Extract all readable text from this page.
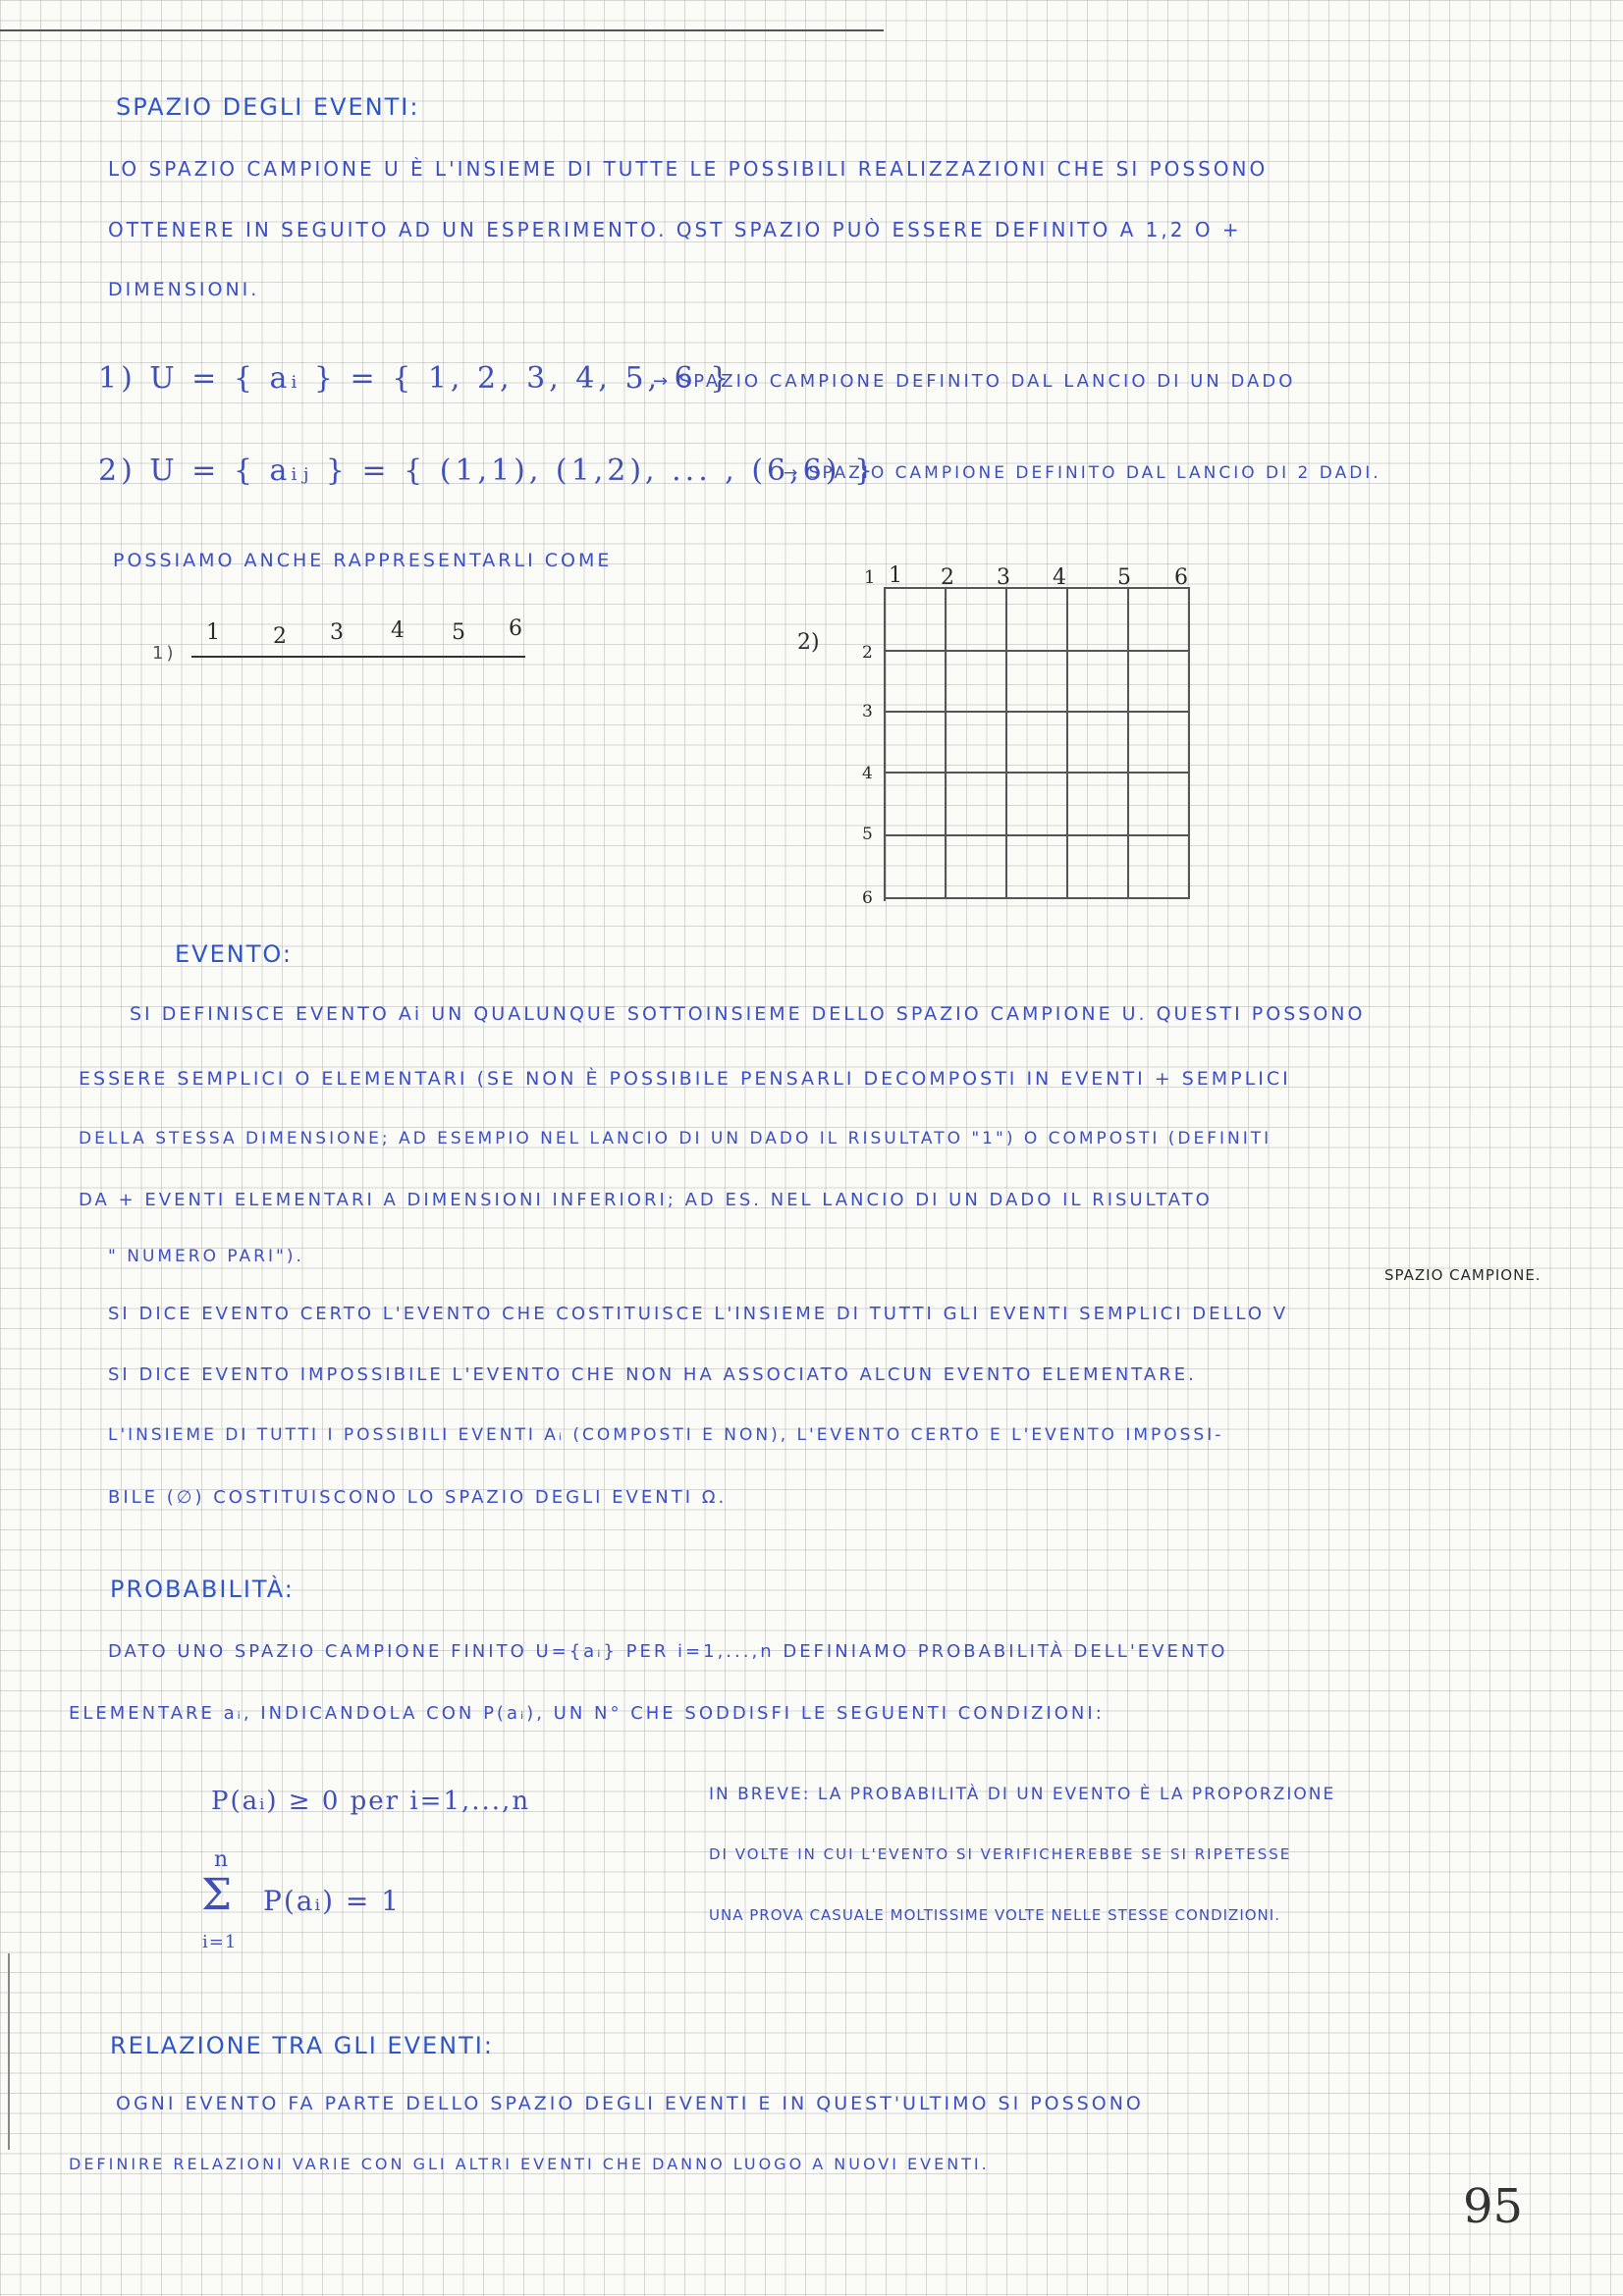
SPAZIO DEGLI EVENTI:
LO SPAZIO CAMPIONE U È L'INSIEME DI TUTTE LE POSSIBILI REALIZZAZIONI CHE SI POSSONO
OTTENERE IN SEGUITO AD UN ESPERIMENTO. QST SPAZIO PUÒ ESSERE DEFINITO A 1,2 O +
DIMENSIONI.
1) U = { aᵢ } = { 1, 2, 3, 4, 5, 6 }
→ SPAZIO CAMPIONE DEFINITO DAL LANCIO DI UN DADO
2) U = { aᵢⱼ } = { (1,1), (1,2), ... , (6,6) }
→ SPAZIO CAMPIONE DEFINITO DAL LANCIO DI 2 DADI.
POSSIAMO ANCHE RAPPRESENTARLI COME
1)
1 2 3 4 5 6
2)
1 1 2 3 4 5 6
2
3
4
5
6
EVENTO:
SI DEFINISCE EVENTO Ai UN QUALUNQUE SOTTOINSIEME DELLO SPAZIO CAMPIONE U. QUESTI POSSONO
ESSERE SEMPLICI O ELEMENTARI (SE NON È POSSIBILE PENSARLI DECOMPOSTI IN EVENTI + SEMPLICI
DELLA STESSA DIMENSIONE; AD ESEMPIO NEL LANCIO DI UN DADO IL RISULTATO "1") O COMPOSTI (DEFINITI
DA + EVENTI ELEMENTARI A DIMENSIONI INFERIORI; AD ES. NEL LANCIO DI UN DADO IL RISULTATO
" NUMERO PARI").
SPAZIO CAMPIONE.
SI DICE EVENTO CERTO L'EVENTO CHE COSTITUISCE L'INSIEME DI TUTTI GLI EVENTI SEMPLICI DELLO V
SI DICE EVENTO IMPOSSIBILE L'EVENTO CHE NON HA ASSOCIATO ALCUN EVENTO ELEMENTARE.
L'INSIEME DI TUTTI I POSSIBILI EVENTI Aᵢ (COMPOSTI E NON), L'EVENTO CERTO E L'EVENTO IMPOSSI-
BILE (∅) COSTITUISCONO LO SPAZIO DEGLI EVENTI Ω.
PROBABILITÀ:
DATO UNO SPAZIO CAMPIONE FINITO U={aᵢ} PER i=1,...,n DEFINIAMO PROBABILITÀ DELL'EVENTO
ELEMENTARE aᵢ, INDICANDOLA CON P(aᵢ), UN N° CHE SODDISFI LE SEGUENTI CONDIZIONI:
P(aᵢ) ≥ 0 per i=1,...,n
n
Σ P(aᵢ) = 1
i=1
IN BREVE: LA PROBABILITÀ DI UN EVENTO È LA PROPORZIONE
DI VOLTE IN CUI L'EVENTO SI VERIFICHEREBBE SE SI RIPETESSE
UNA PROVA CASUALE MOLTISSIME VOLTE NELLE STESSE CONDIZIONI.
RELAZIONE TRA GLI EVENTI:
OGNI EVENTO FA PARTE DELLO SPAZIO DEGLI EVENTI E IN QUEST'ULTIMO SI POSSONO
DEFINIRE RELAZIONI VARIE CON GLI ALTRI EVENTI CHE DANNO LUOGO A NUOVI EVENTI.
95
